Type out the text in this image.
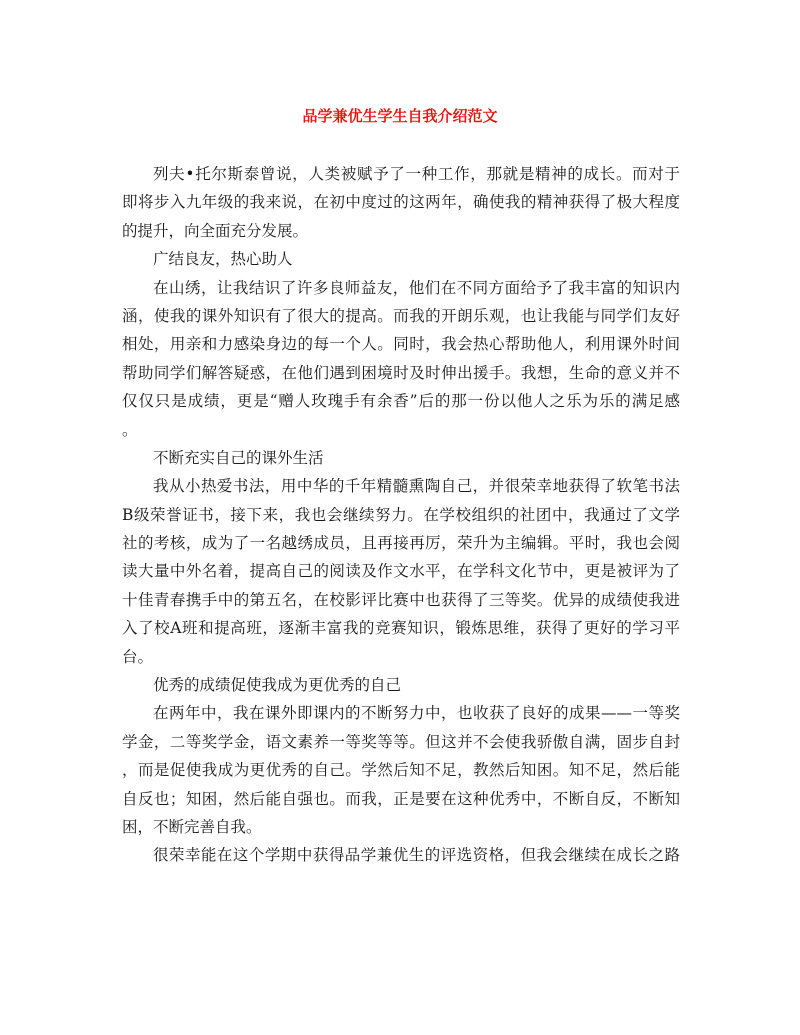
品学兼优生学生自我介绍范文
列夫•托尔斯泰曾说，人类被赋予了一种工作，那就是精神的成长。而对于
即将步入九年级的我来说，在初中度过的这两年，确使我的精神获得了极大程度
的提升，向全面充分发展。
广结良友，热心助人
在山绣，让我结识了许多良师益友，他们在不同方面给予了我丰富的知识内
涵，使我的课外知识有了很大的提高。而我的开朗乐观，也让我能与同学们友好
相处，用亲和力感染身边的每一个人。同时，我会热心帮助他人，利用课外时间
帮助同学们解答疑惑，在他们遇到困境时及时伸出援手。我想，生命的意义并不
仅仅只是成绩，更是“赠人玫瑰手有余香”后的那一份以他人之乐为乐的满足感
。
不断充实自己的课外生活
我从小热爱书法，用中华的千年精髓熏陶自己，并很荣幸地获得了软笔书法
B级荣誉证书，接下来，我也会继续努力。在学校组织的社团中，我通过了文学
社的考核，成为了一名越绣成员，且再接再厉，荣升为主编辑。平时，我也会阅
读大量中外名着，提高自己的阅读及作文水平，在学科文化节中，更是被评为了
十佳青春携手中的第五名，在校影评比赛中也获得了三等奖。优异的成绩使我进
入了校A班和提高班，逐渐丰富我的竞赛知识，锻炼思维，获得了更好的学习平
台。
优秀的成绩促使我成为更优秀的自己
在两年中，我在课外即课内的不断努力中，也收获了良好的成果——一等奖
学金，二等奖学金，语文素养一等奖等等。但这并不会使我骄傲自满，固步自封
，而是促使我成为更优秀的自己。学然后知不足，教然后知困。知不足，然后能
自反也；知困，然后能自强也。而我，正是要在这种优秀中，不断自反，不断知
困，不断完善自我。
很荣幸能在这个学期中获得品学兼优生的评选资格，但我会继续在成长之路
